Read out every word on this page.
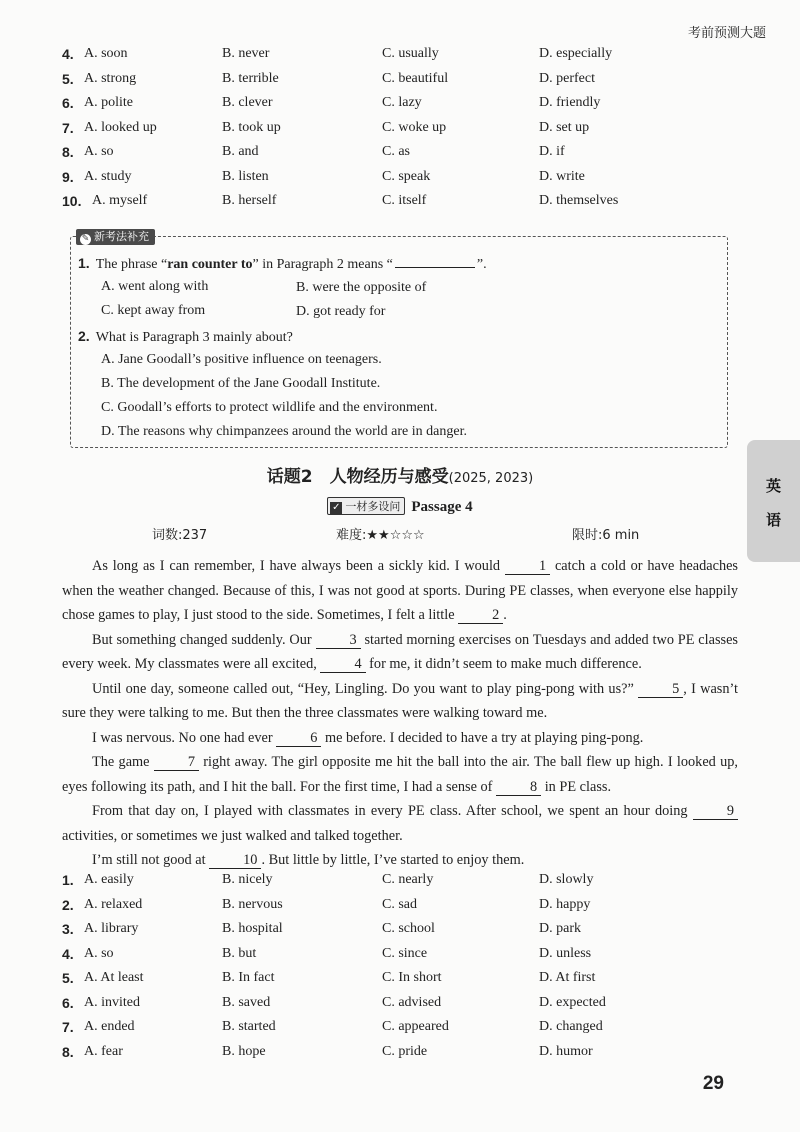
考前预测大题
4. A. soon	B. never	C. usually	D. especially
5. A. strong	B. terrible	C. beautiful	D. perfect
6. A. polite	B. clever	C. lazy	D. friendly
7. A. looked up	B. took up	C. woke up	D. set up
8. A. so	B. and	C. as	D. if
9. A. study	B. listen	C. speak	D. write
10. A. myself	B. herself	C. itself	D. themselves
✎ 新考法补充
1. The phrase “ran counter to” in Paragraph 2 means “	”.
A. went along with	B. were the opposite of
C. kept away from	D. got ready for
2. What is Paragraph 3 mainly about?
A. Jane Goodall’s positive influence on teenagers.
B. The development of the Jane Goodall Institute.
C. Goodall’s efforts to protect wildlife and the environment.
D. The reasons why chimpanzees around the world are in danger.
话题2　人物经历与感受(2025, 2023)
✓ 一材多设问 Passage 4
词数:237	难度:★★☆☆☆	限时:6 min

As long as I can remember, I have always been a sickly kid. I would 1 catch a cold or have headaches when the weather changed. Because of this, I was not good at sports. During PE classes, when everyone else happily chose games to play, I just stood to the side. Sometimes, I felt a little 2 .

But something changed suddenly. Our 3 started morning exercises on Tuesdays and added two PE classes every week. My classmates were all excited, 4 for me, it didn’t seem to make much difference.

Until one day, someone called out, “Hey, Lingling. Do you want to play ping-pong with us?” 5 , I wasn’t sure they were talking to me. But then the three classmates were walking toward me.

I was nervous. No one had ever 6 me before. I decided to have a try at playing ping-pong.

The game 7 right away. The girl opposite me hit the ball into the air. The ball flew up high. I looked up, eyes following its path, and I hit the ball. For the first time, I had a sense of 8 in PE class.

From that day on, I played with classmates in every PE class. After school, we spent an hour doing 9 activities, or sometimes we just walked and talked together.

I’m still not good at 10 . But little by little, I’ve started to enjoy them.

1. A. easily	B. nicely	C. nearly	D. slowly
2. A. relaxed	B. nervous	C. sad	D. happy
3. A. library	B. hospital	C. school	D. park
4. A. so	B. but	C. since	D. unless
5. A. At least	B. In fact	C. In short	D. At first
6. A. invited	B. saved	C. advised	D. expected
7. A. ended	B. started	C. appeared	D. changed
8. A. fear	B. hope	C. pride	D. humor
英
语
29
